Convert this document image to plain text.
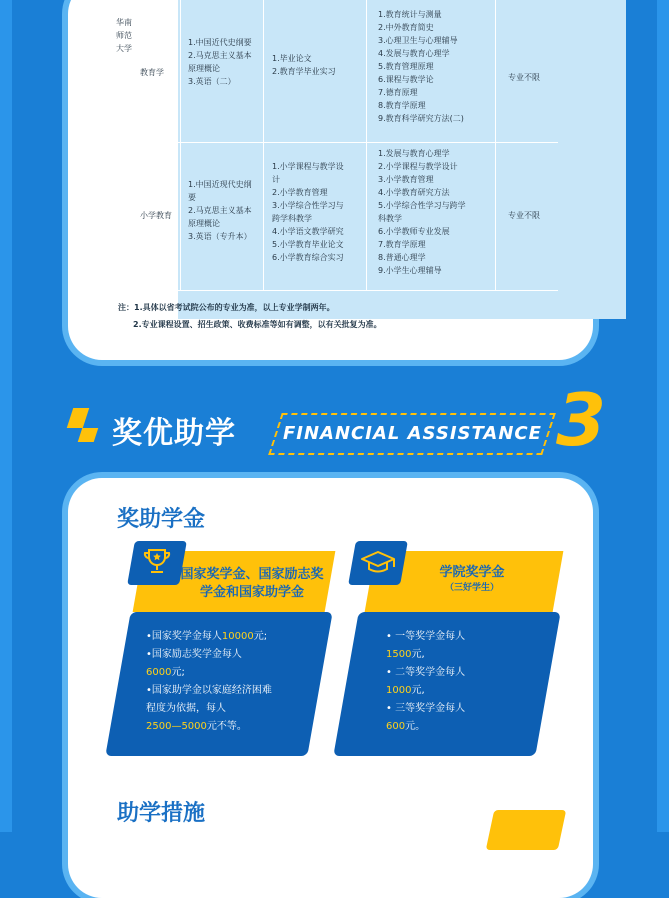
华南
师范
大学
教育学
1.中国近代史纲要
2.马克思主义基本
原理概论
3.英语（二）
1.毕业论文
2.教育学毕业实习
1.教育统计与测量
2.中外教育简史
3.心理卫生与心理辅导
4.发展与教育心理学
5.教育管理原理
6.课程与教学论
7.德育原理
8.教育学原理
9.教育科学研究方法(二)
专业不限
小学教育
1.中国近现代史纲
要
2.马克思主义基本
原理概论
3.英语（专升本）
1.小学课程与教学设
计
2.小学教育管理
3.小学综合性学习与
跨学科教学
4.小学语文教学研究
5.小学教育毕业论文
6.小学教育综合实习
1.发展与教育心理学
2.小学课程与教学设计
3.小学教育管理
4.小学教育研究方法
5.小学综合性学习与跨学
科教学
6.小学教师专业发展
7.教育学原理
8.普通心理学
9.小学生心理辅导
专业不限
注：1.具体以省考试院公布的专业为准，以上专业学制两年。
2.专业课程设置、招生政策、收费标准等如有调整，以有关批复为准。
奖优助学	FINANCIAL ASSISTANCE 3
奖助学金
国家奖学金、国家励志奖
学金和国家助学金
•国家奖学金每人10000元;
•国家励志奖学金每人
6000元;
•国家助学金以家庭经济困难
程度为依据，每人
2500—5000元不等。
学院奖学金
（三好学生）
• 一等奖学金每人
1500元,
• 二等奖学金每人
1000元,
• 三等奖学金每人
600元。
助学措施
